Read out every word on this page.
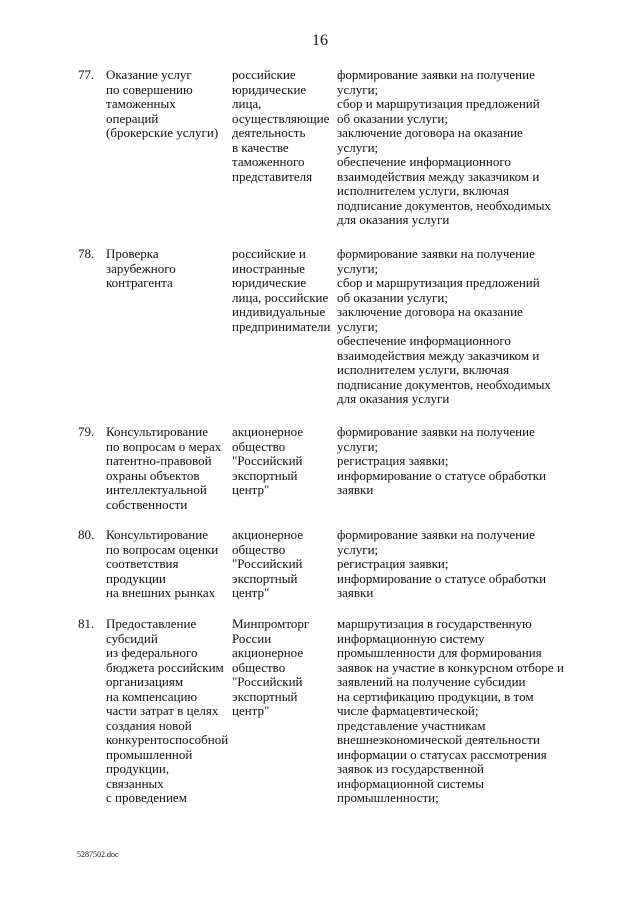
16
77. Оказание услуг
по совершению
таможенных
операций
(брокерские услуги)
российские
юридические
лица,
осуществляющие
деятельность
в качестве
таможенного
представителя
формирование заявки на получение
услуги;
сбор и маршрутизация предложений
об оказании услуги;
заключение договора на оказание
услуги;
обеспечение информационного
взаимодействия между заказчиком и
исполнителем услуги, включая
подписание документов, необходимых
для оказания услуги
78. Проверка
зарубежного
контрагента
российские и
иностранные
юридические
лица, российские
индивидуальные
предприниматели
формирование заявки на получение
услуги;
сбор и маршрутизация предложений
об оказании услуги;
заключение договора на оказание
услуги;
обеспечение информационного
взаимодействия между заказчиком и
исполнителем услуги, включая
подписание документов, необходимых
для оказания услуги
79. Консультирование
по вопросам о мерах
патентно-правовой
охраны объектов
интеллектуальной
собственности
акционерное
общество
"Российский
экспортный
центр"
формирование заявки на получение
услуги;
регистрация заявки;
информирование о статусе обработки
заявки
80. Консультирование
по вопросам оценки
соответствия
продукции
на внешних рынках
акционерное
общество
"Российский
экспортный
центр"
формирование заявки на получение
услуги;
регистрация заявки;
информирование о статусе обработки
заявки
81. Предоставление
субсидий
из федерального
бюджета российским
организациям
на компенсацию
части затрат в целях
создания новой
конкурентоспособной
промышленной
продукции,
связанных
с проведением
Минпромторг
России
акционерное
общество
"Российский
экспортный
центр"
маршрутизация в государственную
информационную систему
промышленности для формирования
заявок на участие в конкурсном отборе и
заявлений на получение субсидии
на сертификацию продукции, в том
числе фармацевтической;
представление участникам
внешнеэкономической деятельности
информации о статусах рассмотрения
заявок из государственной
информационной системы
промышленности;
5287502.doc
